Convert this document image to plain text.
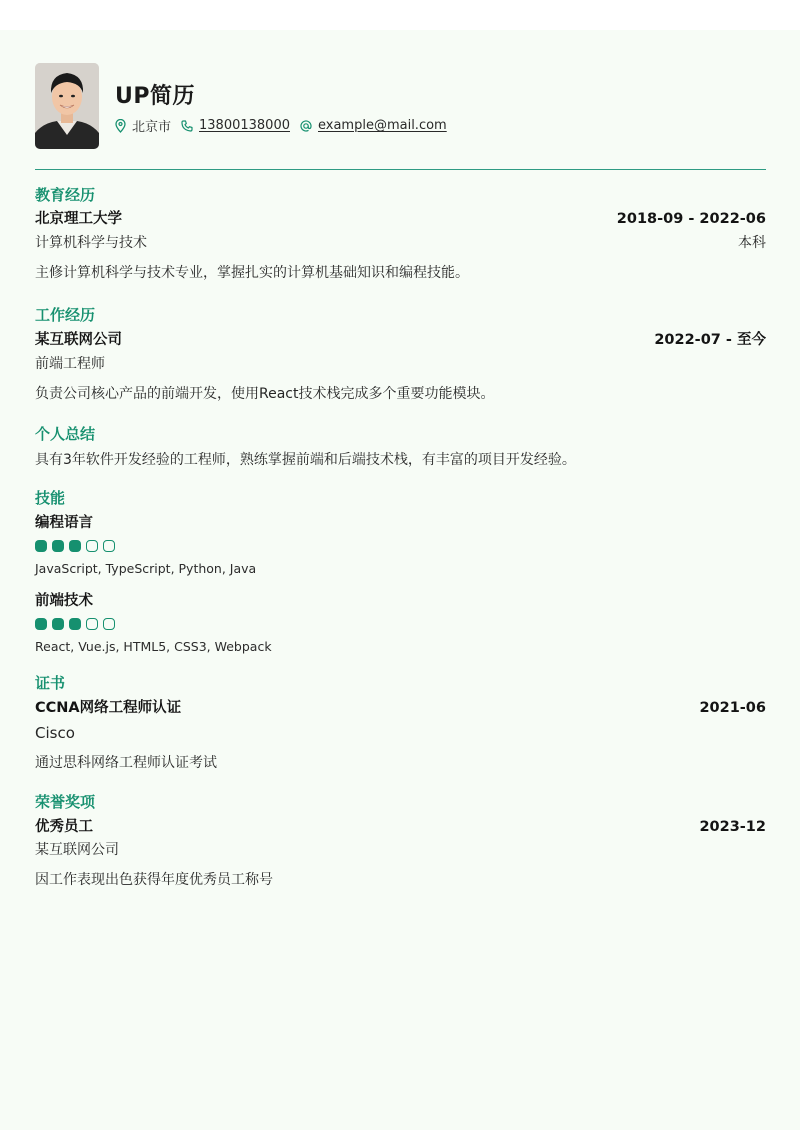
UP简历
北京市 13800138000 example@mail.com
教育经历
北京理工大学	2018-09 - 2022-06
计算机科学与技术	本科
主修计算机科学与技术专业，掌握扎实的计算机基础知识和编程技能。
工作经历
某互联网公司	2022-07 - 至今
前端工程师
负责公司核心产品的前端开发，使用React技术栈完成多个重要功能模块。
个人总结
具有3年软件开发经验的工程师，熟练掌握前端和后端技术栈，有丰富的项目开发经验。
技能
编程语言
JavaScript, TypeScript, Python, Java
前端技术
React, Vue.js, HTML5, CSS3, Webpack
证书
CCNA网络工程师认证	2021-06
Cisco
通过思科网络工程师认证考试
荣誉奖项
优秀员工	2023-12
某互联网公司
因工作表现出色获得年度优秀员工称号
